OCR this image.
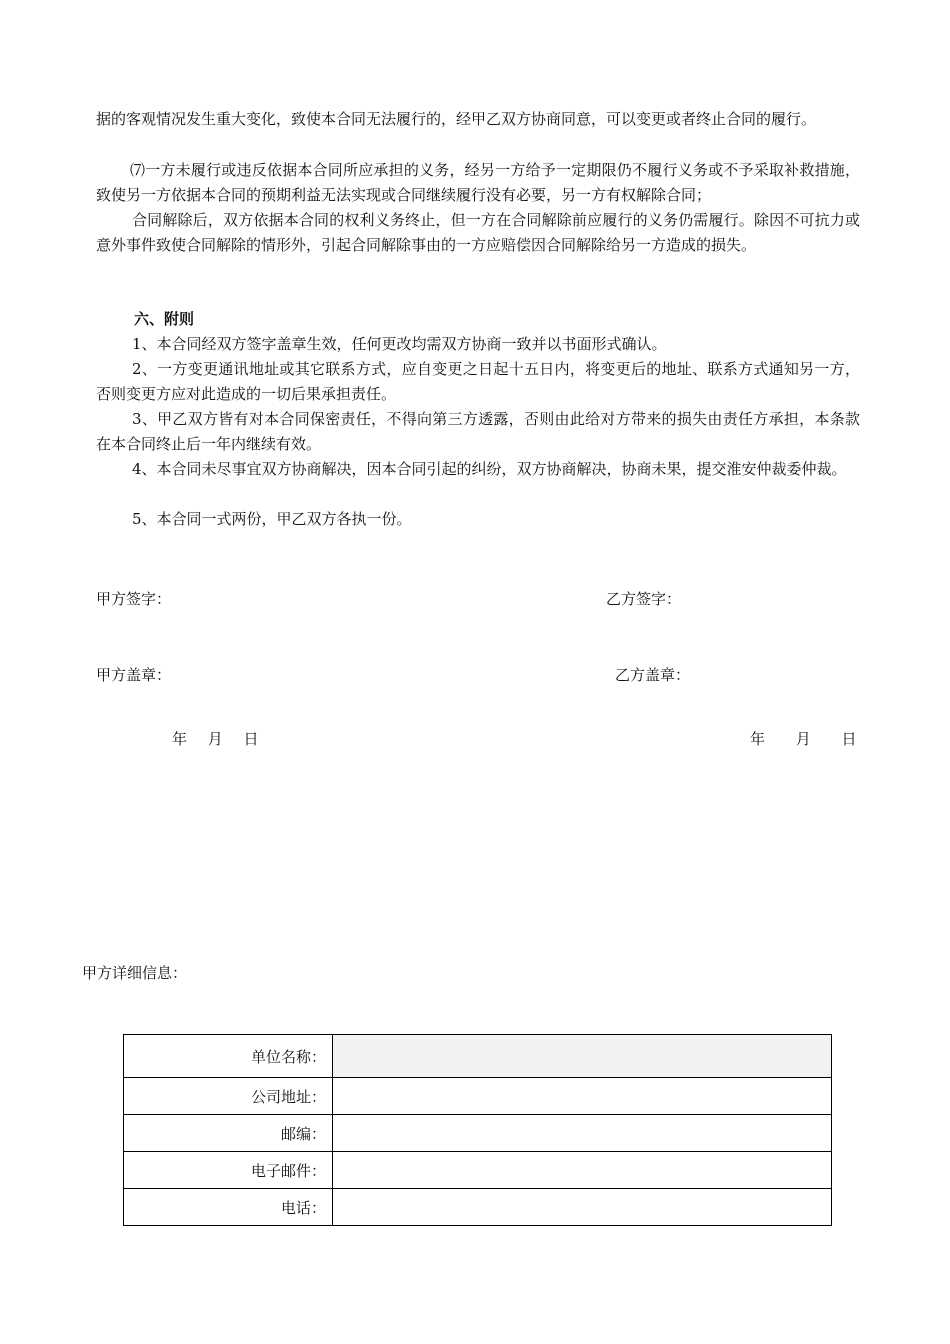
据的客观情况发生重大变化，致使本合同无法履行的，经甲乙双方协商同意，可以变更或者终止合同的履行。

⑺一方未履行或违反依据本合同所应承担的义务，经另一方给予一定期限仍不履行义务或不予采取补救措施，致使另一方依据本合同的预期利益无法实现或合同继续履行没有必要，另一方有权解除合同；

合同解除后，双方依据本合同的权利义务终止，但一方在合同解除前应履行的义务仍需履行。除因不可抗力或意外事件致使合同解除的情形外，引起合同解除事由的一方应赔偿因合同解除给另一方造成的损失。

六、附则

1、本合同经双方签字盖章生效，任何更改均需双方协商一致并以书面形式确认。

2、一方变更通讯地址或其它联系方式，应自变更之日起十五日内，将变更后的地址、联系方式通知另一方，否则变更方应对此造成的一切后果承担责任。

3、甲乙双方皆有对本合同保密责任，不得向第三方透露，否则由此给对方带来的损失由责任方承担，本条款在本合同终止后一年内继续有效。

4、本合同未尽事宜双方协商解决，因本合同引起的纠纷，双方协商解决，协商未果，提交淮安仲裁委仲裁。

5、本合同一式两份，甲乙双方各执一份。

甲方签字：	乙方签字：
甲方盖章：	乙方盖章：
年 月 日	年 月 日
甲方详细信息：
单位名称：	
公司地址：	
邮编：	
电子邮件：	
电话：	
